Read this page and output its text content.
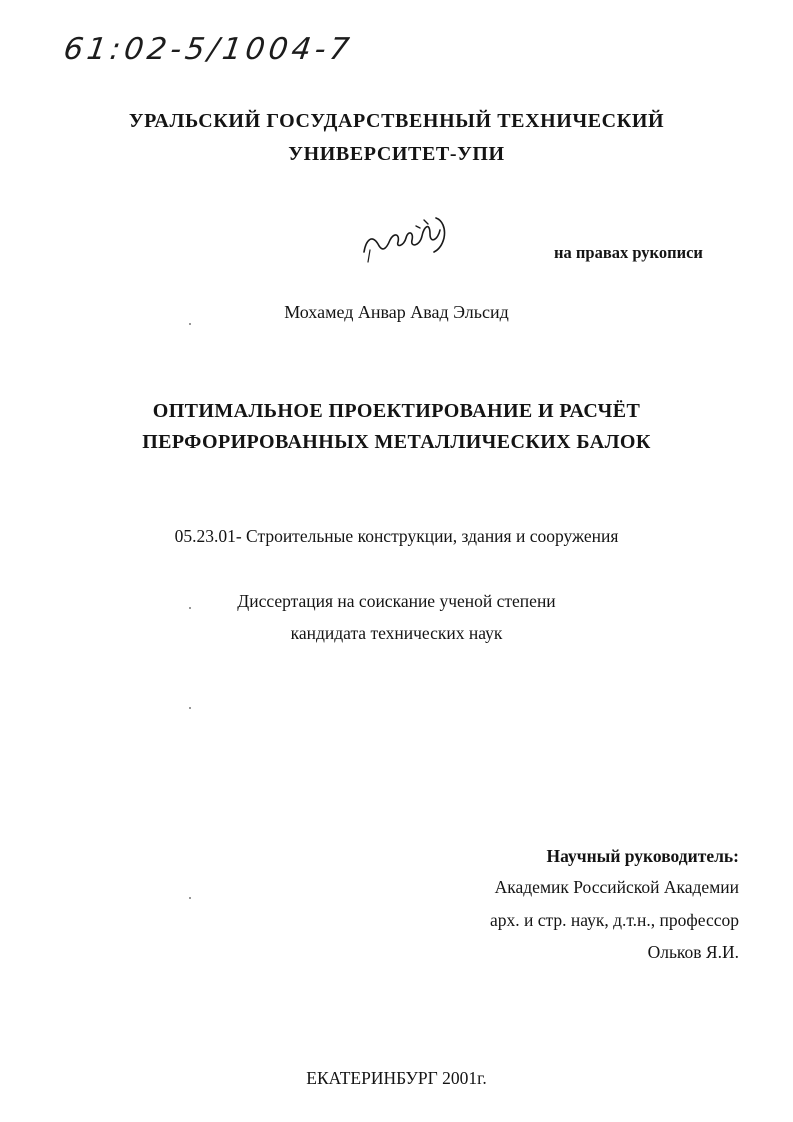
61:02-5/1004-7
УРАЛЬСКИЙ ГОСУДАРСТВЕННЫЙ ТЕХНИЧЕСКИЙ
УНИВЕРСИТЕТ-УПИ
на правах рукописи
Мохамед Анвар Авад Эльсид
ОПТИМАЛЬНОЕ ПРОЕКТИРОВАНИЕ И РАСЧЁТ
ПЕРФОРИРОВАННЫХ МЕТАЛЛИЧЕСКИХ БАЛОК
05.23.01- Строительные конструкции, здания и сооружения
Диссертация на соискание ученой степени
кандидата технических наук
Научный руководитель:
Академик Российской Академии
арх. и стр. наук, д.т.н., профессор
Ольков Я.И.
ЕКАТЕРИНБУРГ 2001г.
